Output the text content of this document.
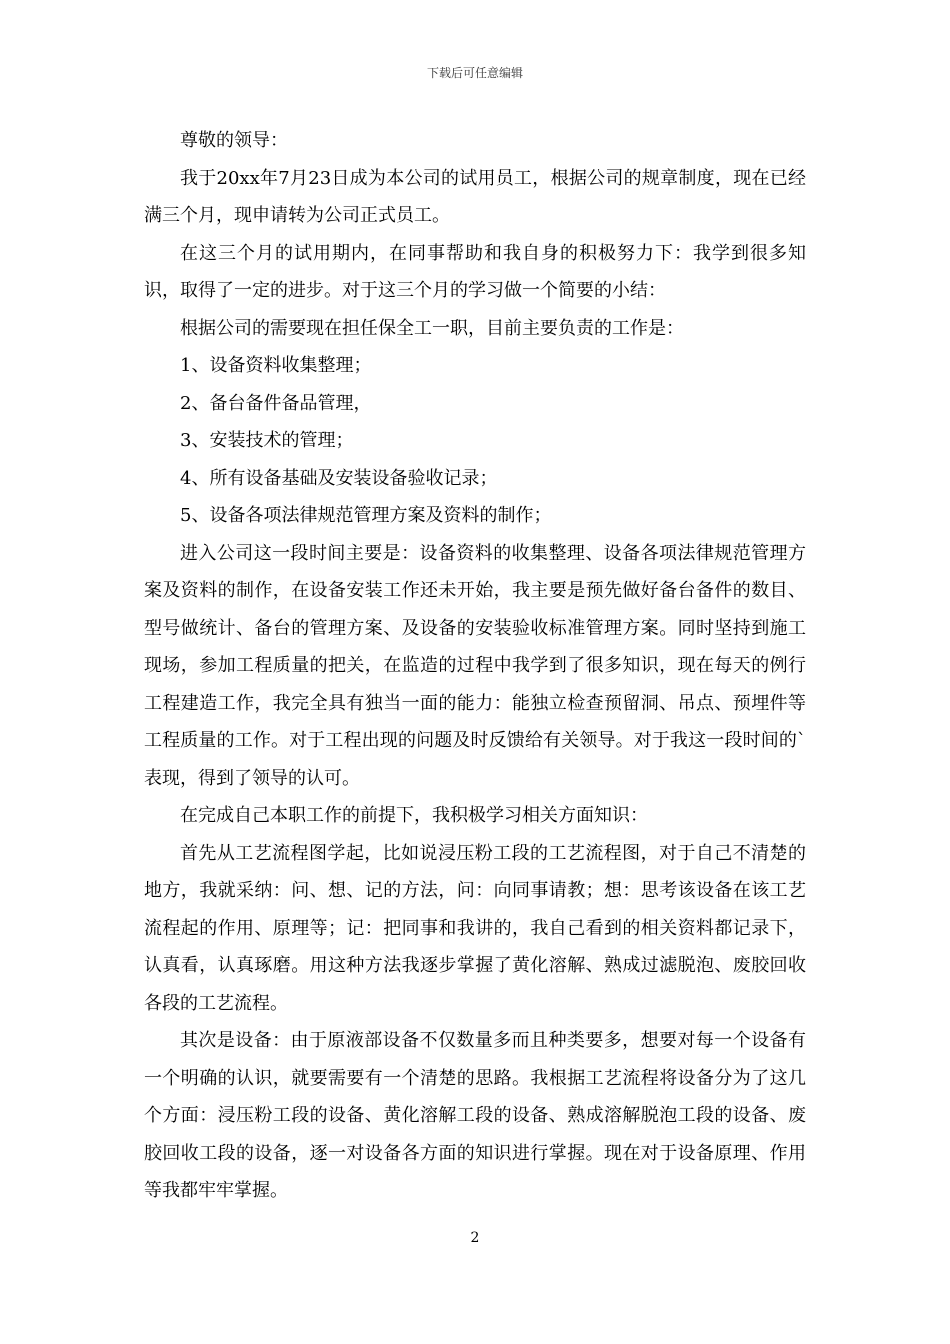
下载后可任意编辑

尊敬的领导：

我于20xx年7月23日成为本公司的试用员工，根据公司的规章制度，现在已经满三个月，现申请转为公司正式员工。

在这三个月的试用期内，在同事帮助和我自身的积极努力下：我学到很多知识，取得了一定的进步。对于这三个月的学习做一个简要的小结：

根据公司的需要现在担任保全工一职，目前主要负责的工作是：

1、设备资料收集整理；

2、备台备件备品管理，

3、安装技术的管理；

4、所有设备基础及安装设备验收记录；

5、设备各项法律规范管理方案及资料的制作；

进入公司这一段时间主要是：设备资料的收集整理、设备各项法律规范管理方案及资料的制作，在设备安装工作还未开始，我主要是预先做好备台备件的数目、型号做统计、备台的管理方案、及设备的安装验收标准管理方案。同时坚持到施工现场，参加工程质量的把关，在监造的过程中我学到了很多知识，现在每天的例行工程建造工作，我完全具有独当一面的能力：能独立检查预留洞、吊点、预埋件等工程质量的工作。对于工程出现的问题及时反馈给有关领导。对于我这一段时间的`表现，得到了领导的认可。

在完成自己本职工作的前提下，我积极学习相关方面知识：

首先从工艺流程图学起，比如说浸压粉工段的工艺流程图，对于自己不清楚的地方，我就采纳：问、想、记的方法，问：向同事请教；想：思考该设备在该工艺流程起的作用、原理等；记：把同事和我讲的，我自己看到的相关资料都记录下，认真看，认真琢磨。用这种方法我逐步掌握了黄化溶解、熟成过滤脱泡、废胶回收各段的工艺流程。

其次是设备：由于原液部设备不仅数量多而且种类要多，想要对每一个设备有一个明确的认识，就要需要有一个清楚的思路。我根据工艺流程将设备分为了这几个方面：浸压粉工段的设备、黄化溶解工段的设备、熟成溶解脱泡工段的设备、废胶回收工段的设备，逐一对设备各方面的知识进行掌握。现在对于设备原理、作用等我都牢牢掌握。

2
